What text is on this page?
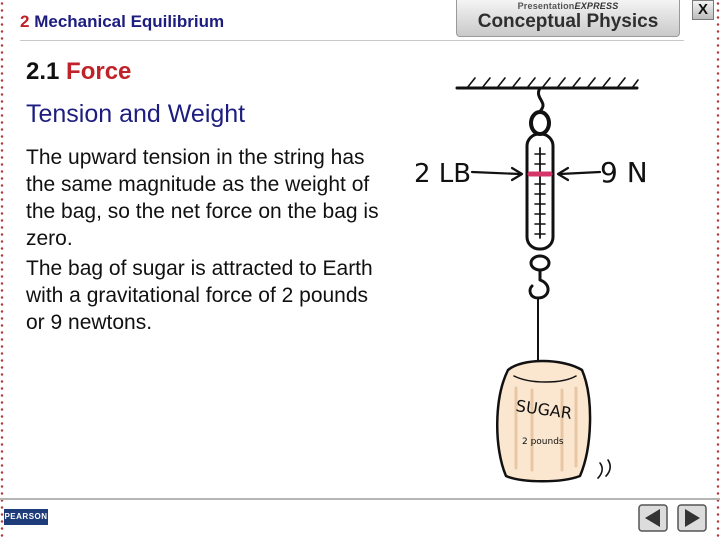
2 Mechanical Equilibrium
PresentationEXPRESS
Conceptual Physics
X
2.1 Force
Tension and Weight

The upward tension in the string has the same magnitude as the weight of the bag, so the net force on the bag is zero.

The bag of sugar is attracted to Earth with a gravitational force of 2 pounds or 9 newtons.

2 LB	9 N
SUGAR
2 pounds
PEARSON
